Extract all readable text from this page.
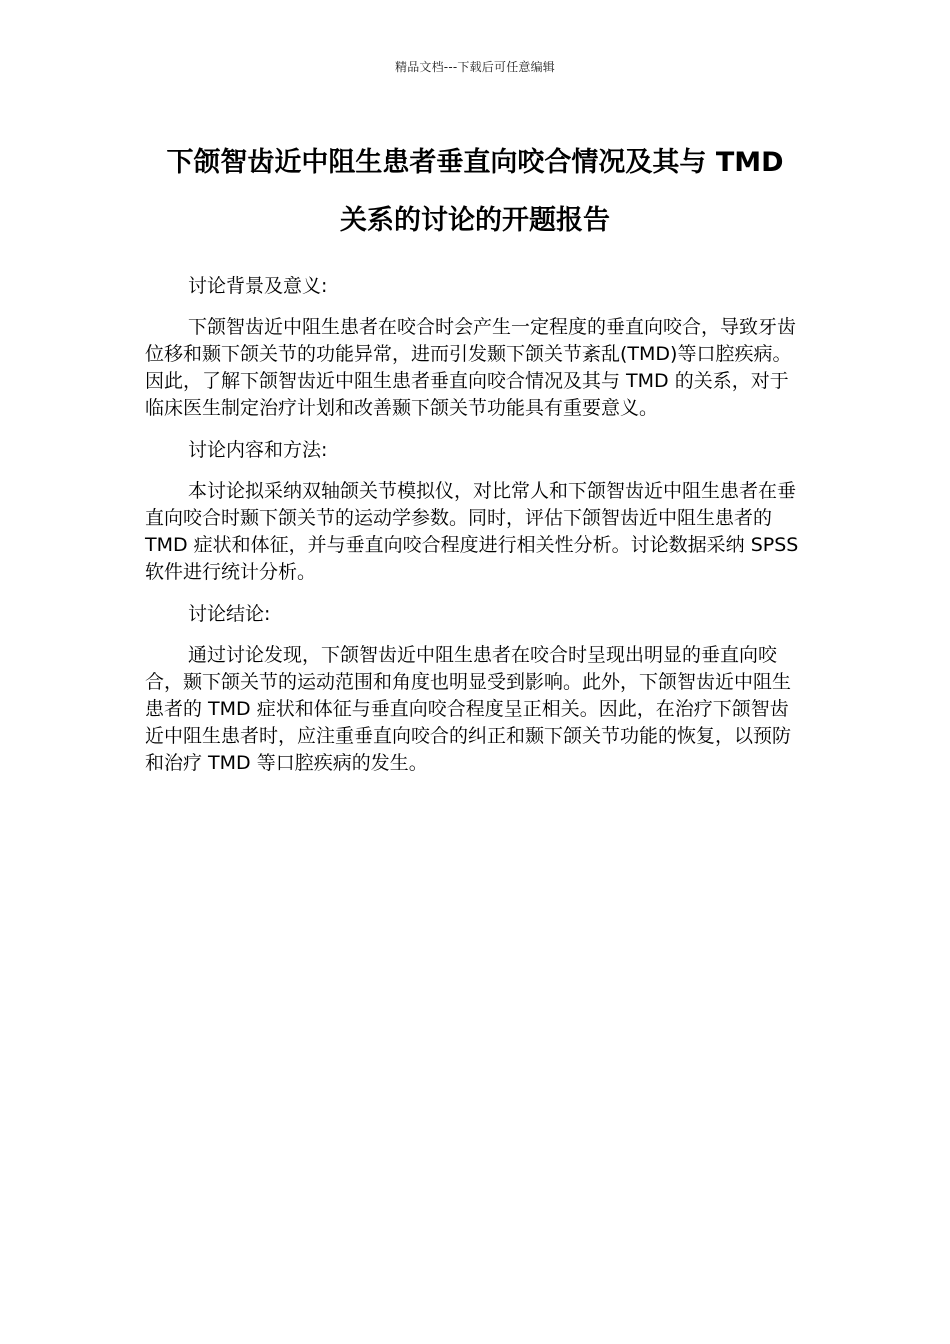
精品文档---下载后可任意编辑
下颌智齿近中阻生患者垂直向咬合情况及其与 TMD
关系的讨论的开题报告

讨论背景及意义:

下颌智齿近中阻生患者在咬合时会产生一定程度的垂直向咬合，导致牙齿位移和颞下颌关节的功能异常，进而引发颞下颌关节紊乱(TMD)等口腔疾病。因此，了解下颌智齿近中阻生患者垂直向咬合情况及其与 TMD 的关系，对于临床医生制定治疗计划和改善颞下颌关节功能具有重要意义。

讨论内容和方法:

本讨论拟采纳双轴颌关节模拟仪，对比常人和下颌智齿近中阻生患者在垂直向咬合时颞下颌关节的运动学参数。同时，评估下颌智齿近中阻生患者的 TMD 症状和体征，并与垂直向咬合程度进行相关性分析。讨论数据采纳 SPSS 软件进行统计分析。

讨论结论:

通过讨论发现，下颌智齿近中阻生患者在咬合时呈现出明显的垂直向咬合，颞下颌关节的运动范围和角度也明显受到影响。此外，下颌智齿近中阻生患者的 TMD 症状和体征与垂直向咬合程度呈正相关。因此，在治疗下颌智齿近中阻生患者时，应注重垂直向咬合的纠正和颞下颌关节功能的恢复，以预防和治疗 TMD 等口腔疾病的发生。
